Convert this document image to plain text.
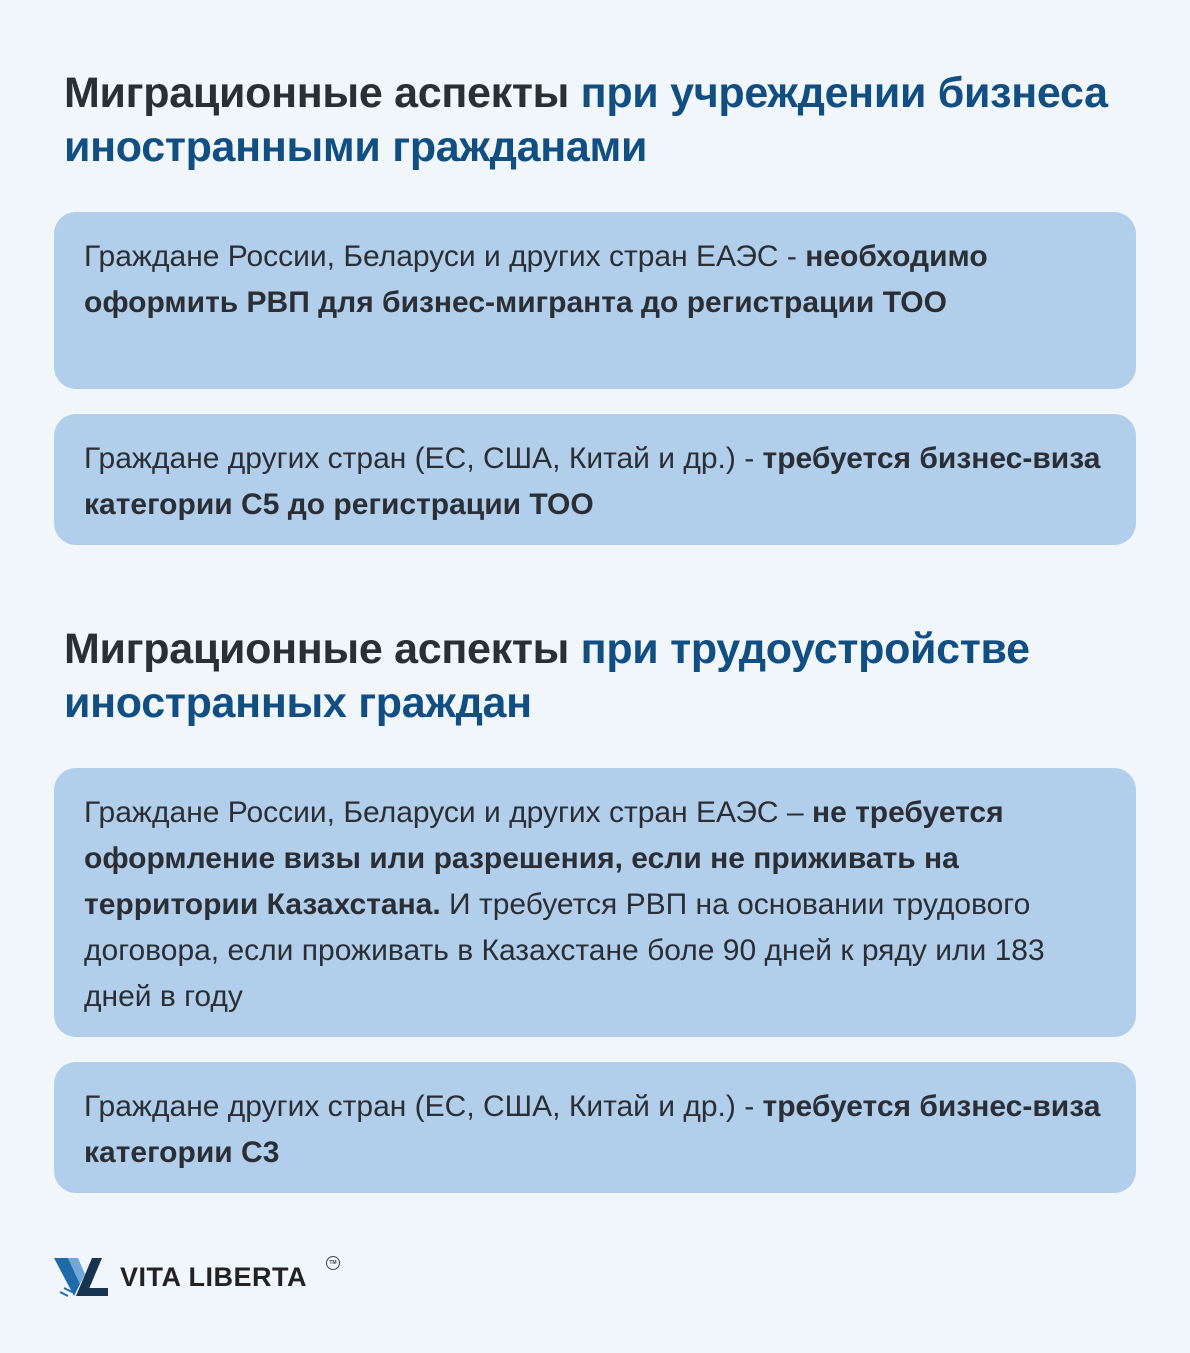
Миграционные аспекты при учреждении бизнеса иностранными гражданами
Граждане России, Беларуси и других стран ЕАЭС - необходимо оформить РВП для бизнес-мигранта до регистрации ТОО
Граждане других стран (ЕС, США, Китай и др.) - требуется бизнес-виза категории С5 до регистрации ТОО
Миграционные аспекты при трудоустройстве иностранных граждан
Граждане России, Беларуси и других стран ЕАЭС – не требуется оформление визы или разрешения, если не приживать на территории Казахстана. И требуется РВП на основании трудового договора, если проживать в Казахстане боле 90 дней к ряду или 183 дней в году
Граждане других стран (ЕС, США, Китай и др.) - требуется бизнес-виза категории С3
VITA LIBERTA	TM
